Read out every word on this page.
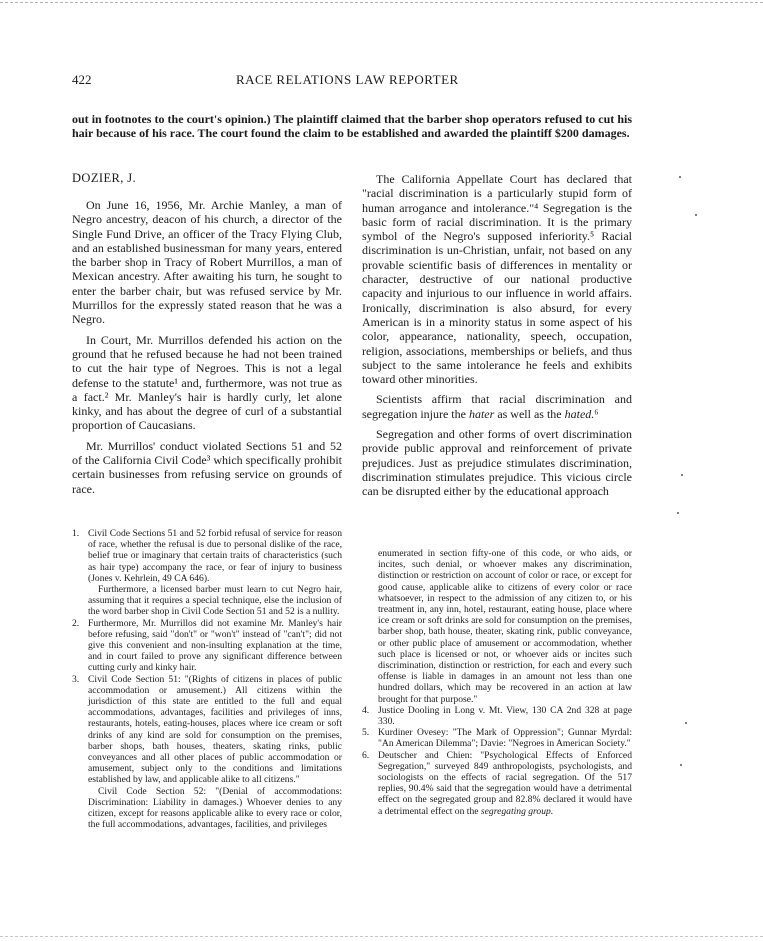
422	RACE RELATIONS LAW REPORTER
out in footnotes to the court's opinion.) The plaintiff claimed that the barber shop operators refused to cut his hair because of his race. The court found the claim to be established and awarded the plaintiff $200 damages.
DOZIER, J.

On June 16, 1956, Mr. Archie Manley, a man of Negro ancestry, deacon of his church, a director of the Single Fund Drive, an officer of the Tracy Flying Club, and an established businessman for many years, entered the barber shop in Tracy of Robert Murrillos, a man of Mexican ancestry. After awaiting his turn, he sought to enter the barber chair, but was refused service by Mr. Murrillos for the expressly stated reason that he was a Negro.

In Court, Mr. Murrillos defended his action on the ground that he refused because he had not been trained to cut the hair type of Negroes. This is not a legal defense to the statute¹ and, furthermore, was not true as a fact.² Mr. Manley's hair is hardly curly, let alone kinky, and has about the degree of curl of a substantial proportion of Caucasians.

Mr. Murrillos' conduct violated Sections 51 and 52 of the California Civil Code³ which specifically prohibit certain businesses from refusing service on grounds of race.

The California Appellate Court has declared that "racial discrimination is a particularly stupid form of human arrogance and intolerance."⁴ Segregation is the basic form of racial discrimination. It is the primary symbol of the Negro's supposed inferiority.⁵ Racial discrimination is un-Christian, unfair, not based on any provable scientific basis of differences in mentality or character, destructive of our national productive capacity and injurious to our influence in world affairs. Ironically, discrimination is also absurd, for every American is in a minority status in some aspect of his color, appearance, nationality, speech, occupation, religion, associations, memberships or beliefs, and thus subject to the same intolerance he feels and exhibits toward other minorities.

Scientists affirm that racial discrimination and segregation injure the hater as well as the hated.⁶

Segregation and other forms of overt discrimination provide public approval and reinforcement of private prejudices. Just as prejudice stimulates discrimination, discrimination stimulates prejudice. This vicious circle can be disrupted either by the educational approach

1. Civil Code Sections 51 and 52 forbid refusal of service for reason of race, whether the refusal is due to personal dislike of the race, belief true or imaginary that certain traits of characteristics (such as hair type) accompany the race, or fear of injury to business (Jones v. Kehrlein, 49 CA 646).

Furthermore, a licensed barber must learn to cut Negro hair, assuming that it requires a special technique, else the inclusion of the word barber shop in Civil Code Section 51 and 52 is a nullity.

2. Furthermore, Mr. Murrillos did not examine Mr. Manley's hair before refusing, said "don't" or "won't" instead of "can't"; did not give this convenient and non-insulting explanation at the time, and in court failed to prove any significant difference between cutting curly and kinky hair.
3. Civil Code Section 51: "(Rights of citizens in places of public accommodation or amusement.) All citizens within the jurisdiction of this state are entitled to the full and equal accommodations, advantages, facilities and privileges of inns, restaurants, hotels, eating-houses, places where ice cream or soft drinks of any kind are sold for consumption on the premises, barber shops, bath houses, theaters, skating rinks, public conveyances and all other places of public accommodation or amusement, subject only to the conditions and limitations established by law, and applicable alike to all citizens."

Civil Code Section 52: "(Denial of accommodations: Discrimination: Liability in damages.) Whoever denies to any citizen, except for reasons applicable alike to every race or color, the full accommodations, advantages, facilities, and privileges

enumerated in section fifty-one of this code, or who aids, or incites, such denial, or whoever makes any discrimination, distinction or restriction on account of color or race, or except for good cause, applicable alike to citizens of every color or race whatsoever, in respect to the admission of any citizen to, or his treatment in, any inn, hotel, restaurant, eating house, place where ice cream or soft drinks are sold for consumption on the premises, barber shop, bath house, theater, skating rink, public conveyance, or other public place of amusement or accommodation, whether such place is licensed or not, or whoever aids or incites such discrimination, distinction or restriction, for each and every such offense is liable in damages in an amount not less than one hundred dollars, which may be recovered in an action at law brought for that purpose."

4. Justice Dooling in Long v. Mt. View, 130 CA 2nd 328 at page 330.
5. Kurdiner Ovesey: "The Mark of Oppression"; Gunnar Myrdal: "An American Dilemma"; Davie: "Negroes in American Society."
6. Deutscher and Chien: "Psychological Effects of Enforced Segregation," surveyed 849 anthropologists, psychologists, and sociologists on the effects of racial segregation. Of the 517 replies, 90.4% said that the segregation would have a detrimental effect on the segregated group and 82.8% declared it would have a detrimental effect on the segregating group.
